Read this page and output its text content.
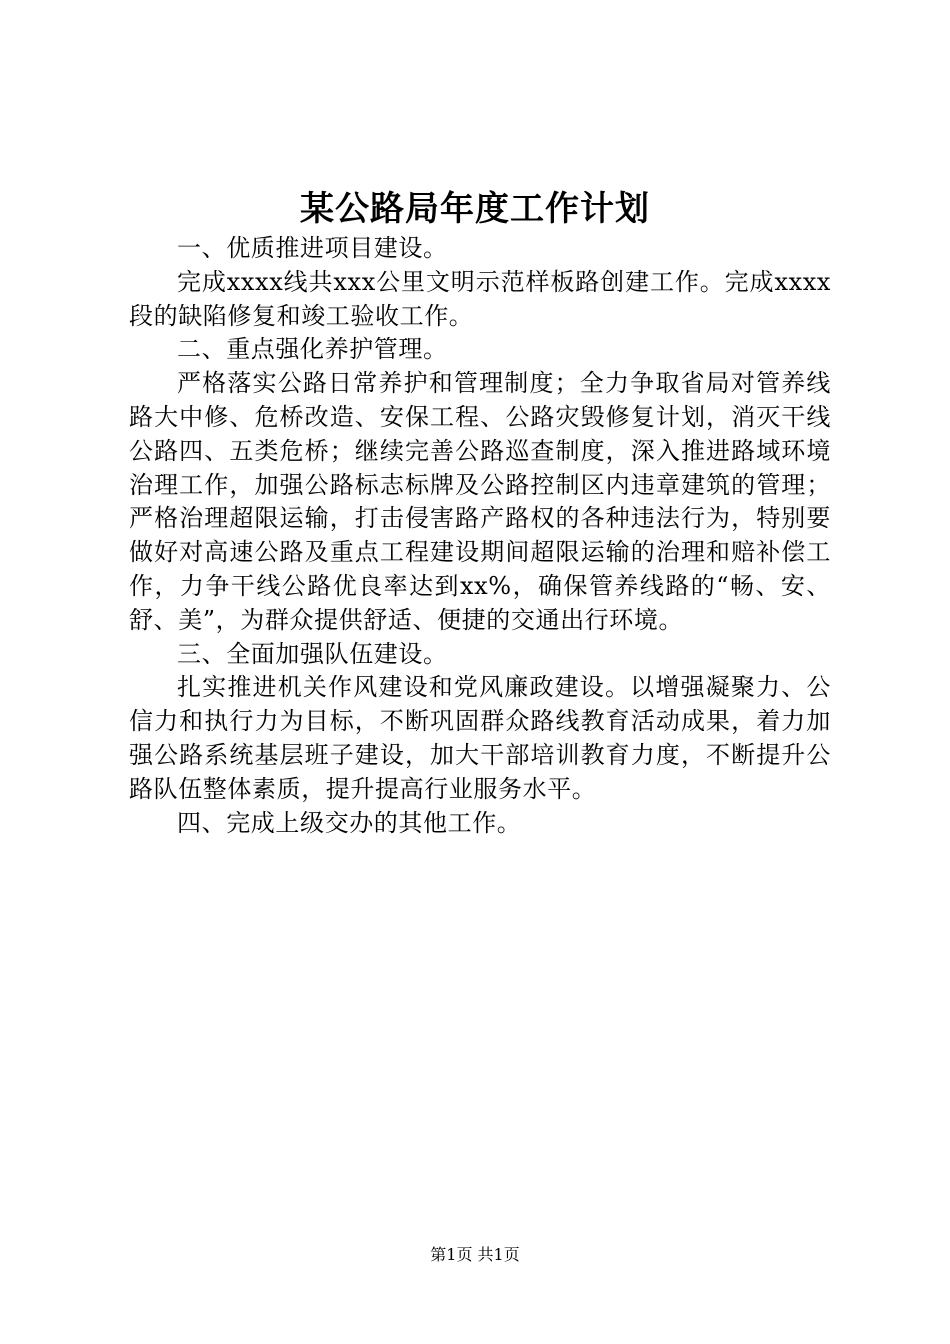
某公路局年度工作计划

一、优质推进项目建设。

完成xxxx线共xxx公里文明示范样板路创建工作。完成xxxx段的缺陷修复和竣工验收工作。

二、重点强化养护管理。

严格落实公路日常养护和管理制度；全力争取省局对管养线路大中修、危桥改造、安保工程、公路灾毁修复计划，消灭干线公路四、五类危桥；继续完善公路巡查制度，深入推进路域环境治理工作，加强公路标志标牌及公路控制区内违章建筑的管理；严格治理超限运输，打击侵害路产路权的各种违法行为，特别要做好对高速公路及重点工程建设期间超限运输的治理和赔补偿工作，力争干线公路优良率达到xx%，确保管养线路的“畅、安、舒、美”，为群众提供舒适、便捷的交通出行环境。

三、全面加强队伍建设。

扎实推进机关作风建设和党风廉政建设。以增强凝聚力、公信力和执行力为目标，不断巩固群众路线教育活动成果，着力加强公路系统基层班子建设，加大干部培训教育力度，不断提升公路队伍整体素质，提升提高行业服务水平。

四、完成上级交办的其他工作。

第1页 共1页
